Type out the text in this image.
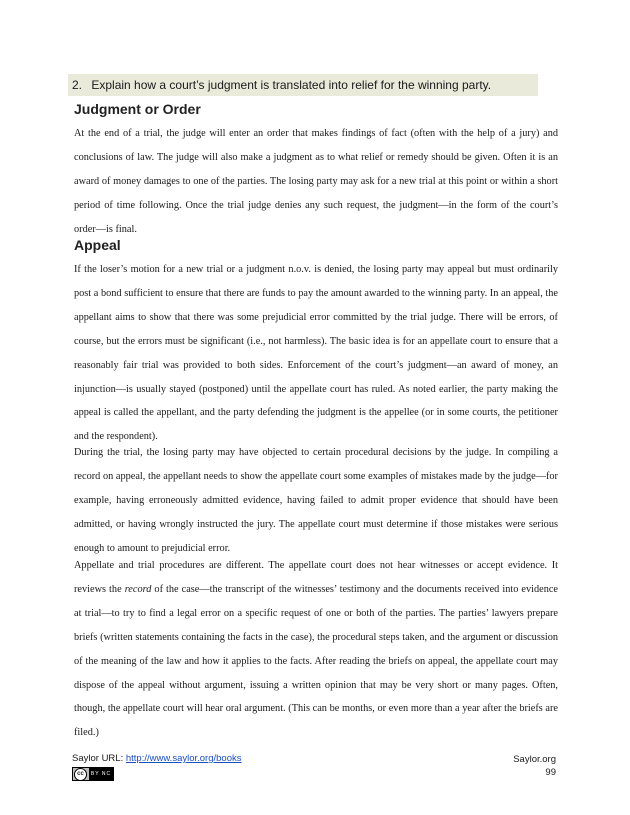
2. Explain how a court’s judgment is translated into relief for the winning party.
Judgment or Order

At the end of a trial, the judge will enter an order that makes findings of fact (often with the help of a jury) and conclusions of law. The judge will also make a judgment as to what relief or remedy should be given. Often it is an award of money damages to one of the parties. The losing party may ask for a new trial at this point or within a short period of time following. Once the trial judge denies any such request, the judgment—in the form of the court’s order—is final.

Appeal

If the loser’s motion for a new trial or a judgment n.o.v. is denied, the losing party may appeal but must ordinarily post a bond sufficient to ensure that there are funds to pay the amount awarded to the winning party. In an appeal, the appellant aims to show that there was some prejudicial error committed by the trial judge. There will be errors, of course, but the errors must be significant (i.e., not harmless). The basic idea is for an appellate court to ensure that a reasonably fair trial was provided to both sides. Enforcement of the court’s judgment—an award of money, an injunction—is usually stayed (postponed) until the appellate court has ruled. As noted earlier, the party making the appeal is called the appellant, and the party defending the judgment is the appellee (or in some courts, the petitioner and the respondent).

During the trial, the losing party may have objected to certain procedural decisions by the judge. In compiling a record on appeal, the appellant needs to show the appellate court some examples of mistakes made by the judge—for example, having erroneously admitted evidence, having failed to admit proper evidence that should have been admitted, or having wrongly instructed the jury. The appellate court must determine if those mistakes were serious enough to amount to prejudicial error.

Appellate and trial procedures are different. The appellate court does not hear witnesses or accept evidence. It reviews the record of the case—the transcript of the witnesses’ testimony and the documents received into evidence at trial—to try to find a legal error on a specific request of one or both of the parties. The parties’ lawyers prepare briefs (written statements containing the facts in the case), the procedural steps taken, and the argument or discussion of the meaning of the law and how it applies to the facts. After reading the briefs on appeal, the appellate court may dispose of the appeal without argument, issuing a written opinion that may be very short or many pages. Often, though, the appellate court will hear oral argument. (This can be months, or even more than a year after the briefs are filed.)

Saylor URL: http://www.saylor.org/books
cc	BY NC SA
Saylor.org
99
